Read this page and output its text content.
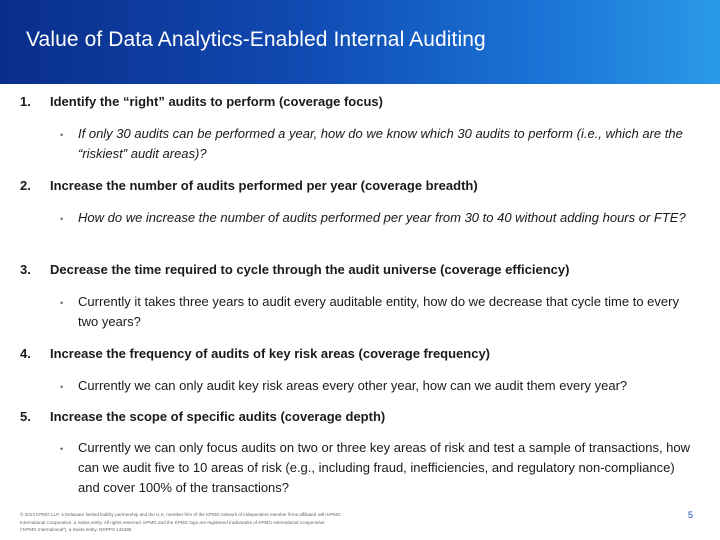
Value of Data Analytics-Enabled Internal Auditing
1. Identify the “right” audits to perform (coverage focus)
• If only 30 audits can be performed a year, how do we know which 30 audits to perform (i.e., which are the “riskiest” audit areas)?
2. Increase the number of audits performed per year (coverage breadth)
• How do we increase the number of audits performed per year from 30 to 40 without adding hours or FTE?
3. Decrease the time required to cycle through the audit universe (coverage efficiency)
• Currently it takes three years to audit every auditable entity, how do we decrease that cycle time to every two years?
4. Increase the frequency of audits of key risk areas (coverage frequency)
• Currently we can only audit key risk areas every other year, how can we audit them every year?
5. Increase the scope of specific audits (coverage depth)
• Currently we can only focus audits on two or three key areas of risk and test a sample of transactions, how can we audit five to 10 areas of risk (e.g., including fraud, inefficiencies, and regulatory non-compliance) and cover 100% of the transactions?
© 2013 KPMG LLP, a Delaware limited liability partnership and the U.S. member firm of the KPMG network of independent member firms affiliated with KPMG International Cooperative, a Swiss entity. All rights reserved. KPMG and the KPMG logo are registered trademarks of KPMG International Cooperative (“KPMG International”), a Swiss entity. NDPPS 144485
5
